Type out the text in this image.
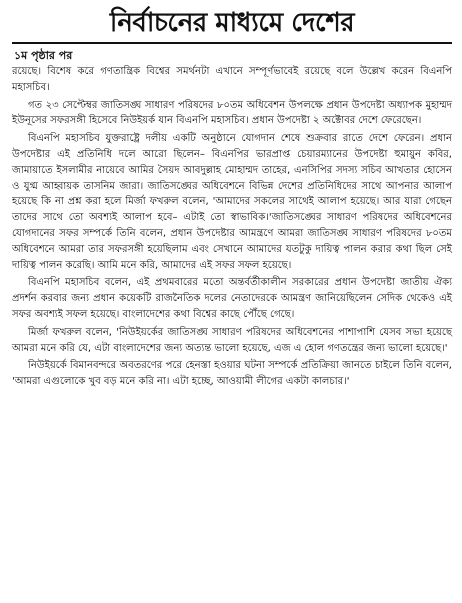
নির্বাচনের মাধ্যমে দেশের
১ম পৃষ্ঠার পর

রয়েছে। বিশেষ করে গণতান্ত্রিক বিশ্বের সমর্থনটা এখানে সম্পূর্ণভাবেই রয়েছে বলে উল্লেখ করেন বিএনপি মহাসচিব।

গত ২৩ সেপ্টেম্বর জাতিসঙ্ঘ সাধারণ পরিষদের ৮০তম অধিবেশন উপলক্ষে প্রধান উপদেষ্টা অধ্যাপক মুহাম্মদ ইউনূসের সফরসঙ্গী হিসেবে নিউইয়র্ক যান বিএনপি মহাসচিব। প্রধান উপদেষ্টা ২ অক্টোবর দেশে ফেরেছেন।

বিএনপি মহাসচিব যুক্তরাষ্ট্রে দলীয় একটি অনুষ্ঠানে যোগদান শেষে শুক্রবার রাতে দেশে ফেরেন। প্রধান উপদেষ্টার এই প্রতিনিধি দলে আরো ছিলেন– বিএনপির ভারপ্রাপ্ত চেয়ারম্যানের উপদেষ্টা হুমায়ুন কবির, জামায়াতে ইসলামীর নায়েবে আমির সৈয়দ আবদুল্লাহ মোহাম্মদ তাহের, এনসিপির সদস্য সচিব আখতার হোসেন ও যুগ্ম আহ্বায়ক তাসনিম জারা। জাতিসঙ্ঘের অধিবেশনে বিভিন্ন দেশের প্রতিনিধিদের সাথে আপনার আলাপ হয়েছে কি না প্রশ্ন করা হলে মির্জা ফখরুল বলেন, 'আমাদের সকলের সাথেই আলাপ হয়েছে। আর যারা গেছেন তাদের সাথে তো অবশ্যই আলাপ হবে– এটাই তো স্বাভাবিক।'জাতিসঙ্ঘের সাধারণ পরিষদের অধিবেশনের যোগদানের সফর সম্পর্কে তিনি বলেন, প্রধান উপদেষ্টার আমন্ত্রণে আমরা জাতিসঙ্ঘ সাধারণ পরিষদের ৮০তম অধিবেশনে আমরা তার সফরসঙ্গী হয়েছিলাম এবং সেখানে আমাদের যতটুকু দায়িত্ব পালন করার কথা ছিল সেই দায়িত্ব পালন করেছি। আমি মনে করি, আমাদের এই সফর সফল হয়েছে।

বিএনপি মহাসচিব বলেন, এই প্রথমবারের মতো অন্তর্বর্তীকালীন সরকারের প্রধান উপদেষ্টা জাতীয় ঐক্য প্রদর্শন করবার জন্য প্রধান কয়েকটি রাজনৈতিক দলের নেতাদেরকে আমন্ত্রণ জানিয়েছিলেন সেদিক থেকেও এই সফর অবশ্যই সফল হয়েছে। বাংলাদেশের কথা বিশ্বের কাছে পৌঁছে গেছে।

মির্জা ফখরুল বলেন, 'নিউইয়র্কের জাতিসঙ্ঘ সাধারণ পরিষদের অধিবেশনের পাশাপাশি যেসব সভা হয়েছে আমরা মনে করি যে, এটা বাংলাদেশের জন্য অত্যন্ত ভালো হয়েছে, এজ এ হোল গণতন্ত্রের জন্য ভালো হয়েছে।'

নিউইয়র্কে বিমানবন্দরে অবতরণের পরে হেনস্তা হওয়ার ঘটনা সম্পর্কে প্রতিক্রিয়া জানতে চাইলে তিনি বলেন, 'আমরা এগুলোকে খুব বড় মনে করি না। এটা হচ্ছে, আওয়ামী লীগের একটা কালচার।'
